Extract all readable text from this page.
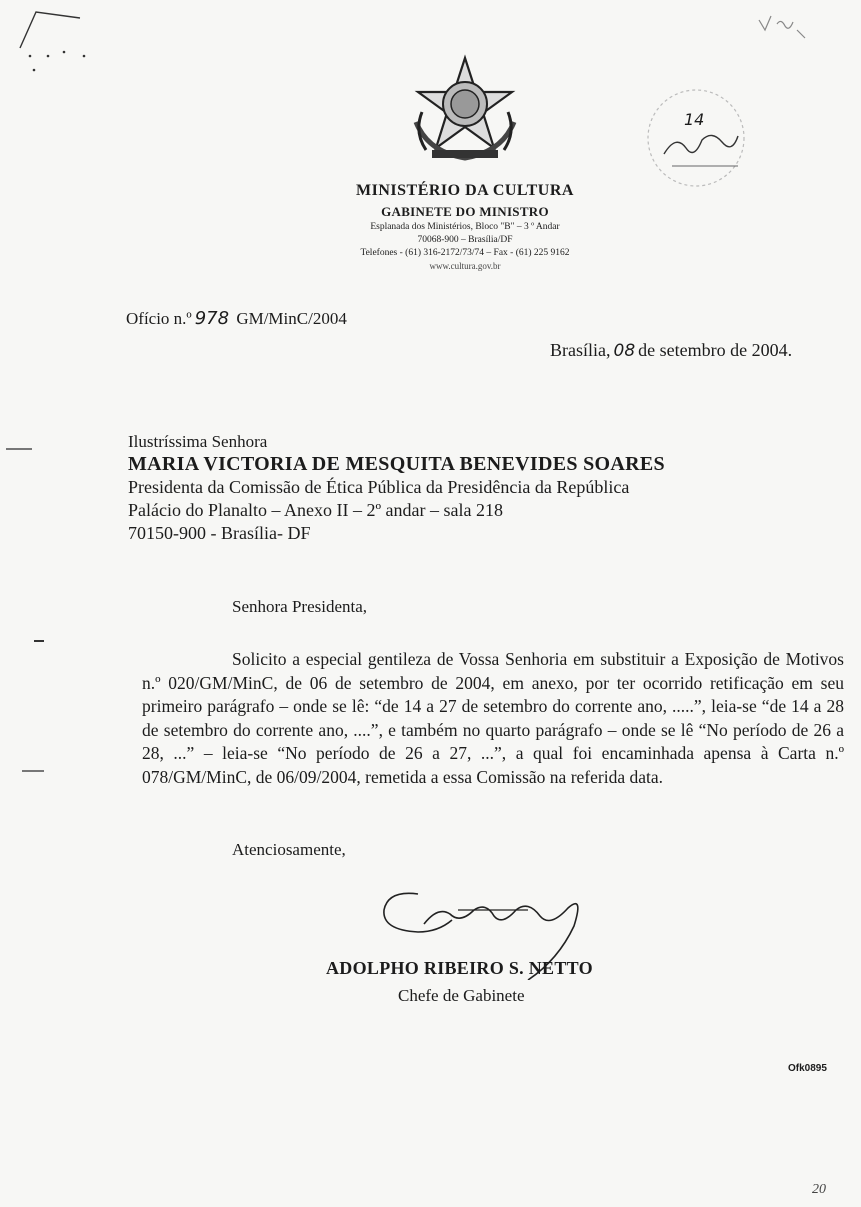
MINISTÉRIO DA CULTURA
GABINETE DO MINISTRO
Esplanada dos Ministérios, Bloco "B" – 3 º Andar
70068-900 – Brasília/DF
Telefones - (61) 316-2172/73/74 – Fax - (61) 225 9162
www.cultura.gov.br
14
Ofício n.º 978 GM/MinC/2004
Brasília, 08 de setembro de 2004.
Ilustríssima Senhora
MARIA VICTORIA DE MESQUITA BENEVIDES SOARES
Presidenta da Comissão de Ética Pública da Presidência da República
Palácio do Planalto – Anexo II – 2º andar – sala 218
70150-900 - Brasília- DF
Senhora Presidenta,
Solicito a especial gentileza de Vossa Senhoria em substituir a Exposição de Motivos n.º 020/GM/MinC, de 06 de setembro de 2004, em anexo, por ter ocorrido retificação em seu primeiro parágrafo – onde se lê: “de 14 a 27 de setembro do corrente ano, .....”, leia-se “de 14 a 28 de setembro do corrente ano, ....”, e também no quarto parágrafo – onde se lê “No período de 26 a 28, ...” – leia-se “No período de 26 a 27, ...”, a qual foi encaminhada apensa à Carta n.º 078/GM/MinC, de 06/09/2004, remetida a essa Comissão na referida data.
Atenciosamente,
ADOLPHO RIBEIRO S. NETTO
Chefe de Gabinete
Ofk0895
20
